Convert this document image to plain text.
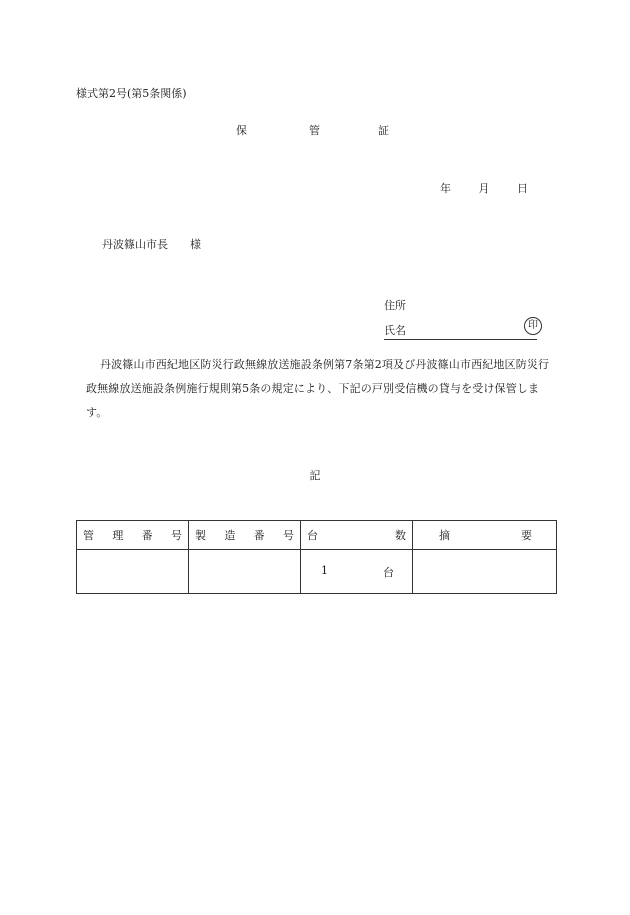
様式第2号(第5条関係)
保	管	証
年	月	日
丹波篠山市長 様
住所
氏名	印
丹波篠山市西紀地区防災行政無線放送施設条例第7条第2項及び丹波篠山市西紀地区防災行政無線放送施設条例施行規則第5条の規定により、下記の戸別受信機の貸与を受け保管します。
記
管 理 番 号	製 造 番 号	台 数	摘 要

		1 台	
